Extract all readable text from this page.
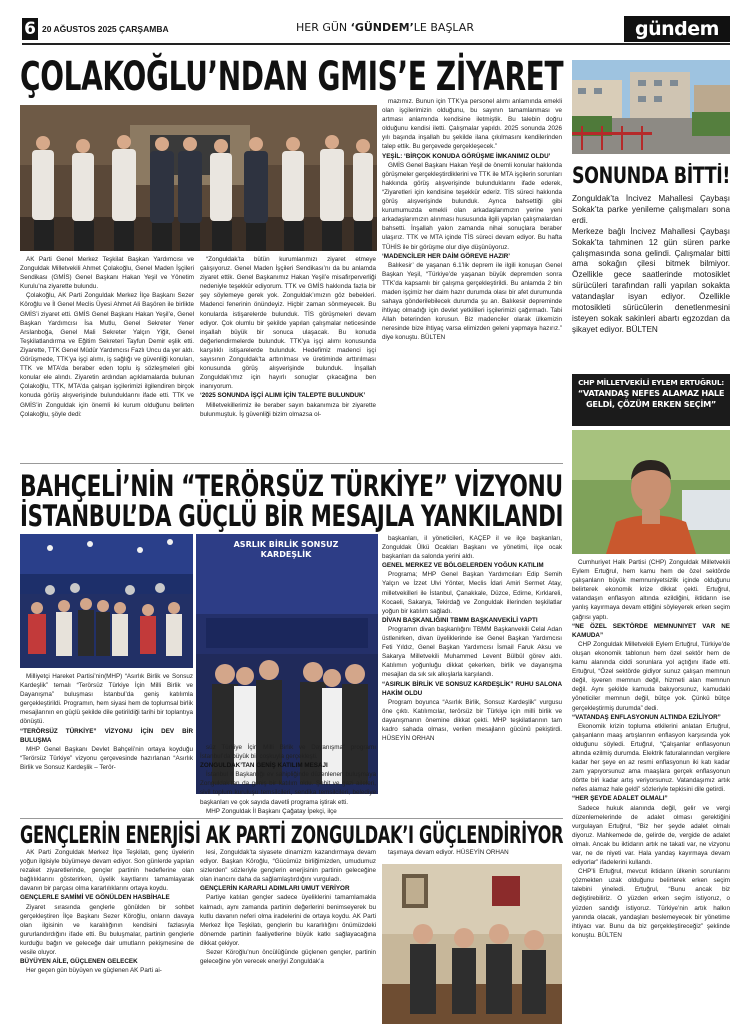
6 20 AĞUSTOS 2025 ÇARŞAMBA	HER GÜN ‘GÜNDEM’LE BAŞLAR	gündem
ÇOLAKOĞLU’NDAN GMIS’E ZİYARET

AK Parti Genel Merkez Teşkilat Başkan Yardımcısı ve Zonguldak Milletvekili Ahmet Çolakoğlu, Genel Maden İşçileri Sendikası (GMİS) Genel Başkanı Hakan Yeşil ve Yönetim Kurulu’na ziyarette bulundu.

Çolakoğlu, AK Parti Zonguldak Merkez İlçe Başkanı Sezer Köroğlu ve İl Genel Meclis Üyesi Ahmet Ali Başören ile birlikte GMİS’i ziyaret etti. GMİS Genel Başkanı Hakan Yeşil’e, Genel Başkan Yardımcısı İsa Mutlu, Genel Sekreter Yener Arslanboğa, Genel Mali Sekreter Yalçın Yiğit, Genel Teşkilatlandırma ve Eğitim Sekreteri Tayfun Demir eşlik etti. Ziyarette, TTK Genel Müdür Yardımcısı Fazlı Uncu da yer aldı. Görüşmede, TTK’ya işçi alımı, iş sağlığı ve güvenliği konuları, TTK ve MTA’da beraber eden toplu iş sözleşmeleri gibi konular ele alındı. Ziyaretin ardından açıklamalarda bulunan Çolakoğlu, TTK, MTA’da çalışan işçilerimizi ilgilendiren birçok konuda görüş alışverişinde bulunduklarını ifade etti. TTK ve GMİS’in Zonguldak için önemli iki kurum olduğunu belirten Çolakoğlu, şöyle dedi:

“Zonguldak’ta bütün kurumlarımızı ziyaret etmeye çalışıyoruz. Genel Maden İşçileri Sendikası’nı da bu anlamda ziyaret ettik. Genel Başkanımız Hakan Yeşil’e misafirperverliği nedeniyle teşekkür ediyorum. TTK ve GMİS hakkında fazla bir şey söylemeye gerek yok. Zonguldak’ımızın göz bebekleri. Madenci fenerinin önündeyiz. Hiçbir zaman sönmeyecek. Bu konularda istişarelerde bulunduk. TİS görüşmeleri devam ediyor. Çok olumlu bir şekilde yapılan çalışmalar neticesinde inşallah büyük bir sonuca ulaşacak. Bu konuda değerlendirmelerde bulunduk. TTK’ya işçi alımı konusunda karşılıklı istişarelerde bulunduk. Hedefimiz madenci işçi sayısının Zonguldak’ta arttırılması ve üretiminde arttırılması konusunda görüş alışverişinde bulunduk. İnşallah Zonguldak’ımız için hayırlı sonuçlar çıkacağına ben inanıyorum.

‘2025 SONUNDA İŞÇİ ALIMI İÇİN TALEPTE BULUNDUK’

Milletvekillerimiz ile beraber sayın bakanımıza bir ziyarette bulunmuştuk. İş güvenliği bizim olmazsa ol-

mazımız. Bunun için TTK’ya personel alımı anlamında emekli olan işçilerimizin olduğunu, bu sayının tamamlanması ve artması anlamında kendisine iletmiştik. Bu talebin doğru olduğunu kendisi iletti. Çalışmalar yapıldı. 2025 sonunda 2026 yılı başında inşallah bu şekilde ilana çıkılmasını kendilerinden talep ettik. Bu gerçevede gerçekleşecek.”

YEŞİL: ‘BİRÇOK KONUDA GÖRÜŞME İMKANIMIZ OLDU’

GMİS Genel Başkanı Hakan Yeşil de önemli konular hakkında görüşmeler gerçekleştirdiklerini ve TTK ile MTA işçilerin sorunları hakkında görüş alışverişinde bulunduklarını ifade ederek, “Ziyaretleri için kendisine teşekkür ederiz. TİS süreci hakkında görüş alışverişinde bulunduk. Ayrıca bahsettiği gibi kurumumuzda emekli olan arkadaşlarımızın yerine yeni arkadaşlarımızın alınması hususunda ilgili yapılan çalışmalardan bahsetti. İnşallah yakın zamanda nihai sonuçlara beraber ulaşırız. TTK ve MTA içinde TİS süreci devam ediyor. Bu hafta TÜHİS ile bir görüşme olur diye düşünüyoruz.

‘MADENCİLER HER DAİM GÖREVE HAZIR’

Balıkesir’ de yaşanan 6.1’lik deprem ile ilgili konuşan Genel Başkan Yeşil, “Türkiye’de yaşanan büyük depremden sonra TTK’da kapsamlı bir çalışma gerçekleştirildi. Bu anlamda 2 bin maden işçimiz her daim hazır durumda olası bir afet durumunda sahaya gönderilebilecek durumda şu an. Balıkesir depreminde ihtiyaç olmadığı için devlet yetkilileri işçilerimizi çağırmadı. Tabi Allah beterinden korusun. Biz madenciler olarak ülkemizin neresinde bize ihtiyaç varsa elimizden geleni yapmaya hazırız.” diye konuştu. BÜLTEN

SONUNDA BİTTİ!

Zonguldak’ta İncivez Mahallesi Çaybaşı Sokak’ta parke yenileme çalışmaları sona erdi.

Merkeze bağlı İncivez Mahallesi Çaybaşı Sokak’ta tahminen 12 gün süren parke çalışmasında sona gelindi. Çalışmalar bitti ama sokağın çilesi bitmek bilmiyor. Özellikle gece saatlerinde motosiklet sürücüleri tarafından ralli yapılan sokakta vatandaşlar isyan ediyor. Özellikle motosikleti sürücülerin denetlenmesini isteyen sokak sakinleri abartı egzozdan da şikayet ediyor. BÜLTEN

CHP MİLLETVEKİLİ EYLEM ERTUĞRUL:
“VATANDAŞ NEFES ALAMAZ HALE GELDİ, ÇÖZÜM ERKEN SEÇİM”

Cumhuriyet Halk Partisi (CHP) Zonguldak Milletvekili Eylem Ertuğrul, hem kamu hem de özel sektörde çalışanların büyük memnuniyetsizlik içinde olduğunu belirterek ekonomik krize dikkat çekti. Ertuğrul, vatandaşın enflasyon altında ezildiğini, iktidarın ise yanlış kayırmaya devam ettiğini söyleyerek erken seçim çağrısı yaptı.

“NE ÖZEL SEKTÖRDE MEMNUNIYET VAR NE KAMUDA”

CHP Zonguldak Milletvekili Eylem Ertuğrul, Türkiye’de oluşan ekonomik tablonun hem özel sektör hem de kamu alanında ciddi sorunlara yol açtığını ifade etti. Ertuğrul, “Özel sektörde gidiyor sunuz çalışan memnun değil, işveren memnun değil, hizmeti alan memnun değil. Aynı şekilde kamuda bakıyorsunuz, kamudaki yöneticiler memnun değil, bütçe yok. Çünkü bütçe gerçekleştirmiş durumda” dedi.

“VATANDAŞ ENFLASYONUN ALTINDA EZİLİYOR”

Ekonomik krizin topluma etkilerini anlatan Ertuğrul, çalışanların maaş artışlarının enflasyon karşısında yok olduğunu söyledi. Ertuğrul, “Çalışanlar enflasyonun altında ezilmiş durumda. Elektrik faturalarından vergilere kadar her şeye en az resmi enflasyonun iki katı kadar zam yapıyorsunuz ama maaşlara gerçek enflasyonun dörtte biri kadar artış veriyorsunuz. Vatandaşımız artık nefes alamaz hale geldi” sözleriyle tepkisini dile getirdi.

“HER ŞEYDE ADALET OLMALI”

Sadece hukuk alanında değil, gelir ve vergi düzenlemelerinde de adalet olması gerektiğini vurgulayan Ertuğrul, “Biz her şeyde adalet olmalı diyoruz. Mahkemede de, gelirde de, vergide de adalet olmalı. Ancak bu iktidarın artık ne takati var, ne vizyonu var, ne de niyeti var. Hala yandaş kayırmaya devam ediyorlar” ifadelerini kullandı.

CHP’li Ertuğrul, mevcut iktidarın ülkenin sorunlarını çözmekten uzak olduğunu belirterek erken seçim talebini yineledi. Ertuğrul, “Bunu ancak biz değiştirebiliriz. O yüzden erken seçim istiyoruz, o yüzden sandığı istiyoruz. Türkiye’nin artık halkın yanında olacak, yandaşları beslemeyecek bir yönetime ihtiyacı var. Bunu da biz gerçekleştireceğiz” şeklinde konuştu. BÜLTEN

BAHÇELİ’NİN “TERÖRSÜZ TÜRKİYE” VİZYONU
İSTANBUL’DA GÜÇLÜ BİR MESAJLA YANKILANDI
ASRLIK BİRLİK SONSUZ KARDEŞLİK

Milliyetçi Hareket Partisi’nin(MHP) “Asırlık Birlik ve Sonsuz Kardeşlik” temalı “Terörsüz Türkiye İçin Milli Birlik ve Dayanışma” buluşması İstanbul’da geniş katılımla gerçekleştirildi. Programın, hem siyasi hem de toplumsal birlik mesajlarının en güçlü şekilde dile getirildiği tarihi bir toplantıya dönüştü.

“TERÖRSÜZ TÜRKİYE” VİZYONU İÇİN DEV BİR BULUŞMA

MHP Genel Başkanı Devlet Bahçeli’nin ortaya koyduğu “Terörsüz Türkiye” vizyonu çerçevesinde hazırlanan “Asırlık Birlik ve Sonsuz Kardeşlik – Terör-

süz Türkiye İçin Milli Birlik ve Dayanışma” programı İstanbul’da büyük bir coşkuyla gerçekleşti.

ZONGULDAK’TAN GENİŞ KATILIM MESAJI

İstanbul İl Başkanlığı ev sahipliğinde düzenlenen buluşmaya Zonguldak’tan da geniş bir katılım oldu. Şehit ve gazi aileleri, sivil toplum kuruluşu temsilcileri, sendika temsilcileri, belediye başkanları ve çok sayıda davetli programa iştirak etti.

MHP Zonguldak İl Başkanı Çağatay İpekçi, ilçe

başkanları, il yöneticileri, KAÇEP il ve ilçe başkanları, Zonguldak Ülkü Ocakları Başkanı ve yönetimi, ilçe ocak başkanları da salonda yerini aldı.

GENEL MERKEZ VE BÖLGELERDEN YOĞUN KATILIM

Programa; MHP Genel Başkan Yardımcıları Edip Semih Yalçın ve İzzet Ulvi Yönter, Meclis İdari Amiri Sermet Atay, milletvekilleri ile İstanbul, Çanakkale, Düzce, Edirne, Kırklareli, Kocaeli, Sakarya, Tekirdağ ve Zonguldak illerinden teşkilatlar yoğun bir katılım sağladı.

DİVAN BAŞKANLIĞINI TBMM BAŞKANVEKİLİ YAPTI

Programın divan başkanlığını TBMM Başkanvekili Celal Adan üstlenirken, divan üyeliklerinde ise Genel Başkan Yardımcısı Feti Yıldız, Genel Başkan Yardımcısı İsmail Faruk Aksu ve Sakarya Milletvekili Muhammed Levent Bülbül görev aldı. Katılımın yoğunluğu dikkat çekerken, birlik ve dayanışma mesajları da sık sık alkışlarla karşılandı.

“ASIRLIK BİRLİK VE SONSUZ KARDEŞLİK” RUHU SALONA HAKİM OLDU

Program boyunca “Asırlık Birlik, Sonsuz Kardeşlik” vurgusu öne çıktı. Katılımcılar, terörsüz bir Türkiye için milli birlik ve dayanışmanın önemine dikkat çekti. MHP teşkilatlarının tam kadro sahada olması, verilen mesajların gücünü pekiştirdi. HÜSEYİN ORHAN

GENÇLERİN ENERJİSİ AK PARTİ ZONGULDAK’I GÜÇLENDİRİYOR

AK Parti Zonguldak Merkez İlçe Teşkilatı, genç üyelerin yoğun ilgisiyle büyümeye devam ediyor. Son günlerde yapılan rezaket ziyaretlerinde, gençler partinin hedeflerine olan bağlılıklarını gösterirken, üyelik kayıtlarını tamamlayarak davanın bir parçası olma kararlılıklarını ortaya koydu.

GENÇLERLE SAMİMİ VE GÖNÜLDEN HASBİHALE

Ziyaret sırasında gençlerle gönülden bir sohbet gerçekleştiren İlçe Başkanı Sezer Köroğlu, onların davaya olan ilgisinin ve karalılığının kendisini fazlasıyla gururlandırdığını ifade etti. Bu buluşmalar, partinin gençlerle kurduğu bağın ve geleceğe dair umutların pekişmesine de vesile oluyor.

BÜYÜYEN AİLE, GÜÇLENEN GELECEK

Her geçen gün büyüyen ve güçlenen AK Parti ai-

lesi, Zonguldak’ta siyasete dinamizm kazandırmaya devam ediyor. Başkan Köroğlu, “Gücümüz birliğimizden, umudumuz sizlerden” sözleriyle gençlerin enerjisinin partinin geleceğine olan inancını daha da sağlamlaştırdığını vurguladı.

GENÇLERİN KARARLI ADIMLARI UMUT VERİYOR

Partiye katılan gençler sadece üyeliklerini tamamlamakla kalmadı, aynı zamanda partinin değerlerini benimseyerek bu kutlu davanın neferi olma iradelerini de ortaya koydu. AK Parti Merkez İlçe Teşkilatı, gençlerin bu kararlılığını önümüzdeki dönemde partinin faaliyetlerine büyük katkı sağlayacağına dikkat çekiyor.

Sezer Köroğlu’nun öncülüğünde güçlenen gençler, partinin geleceğine yön verecek enerjiyi Zonguldak’a

taşımaya devam ediyor. HÜSEYİN ORHAN
